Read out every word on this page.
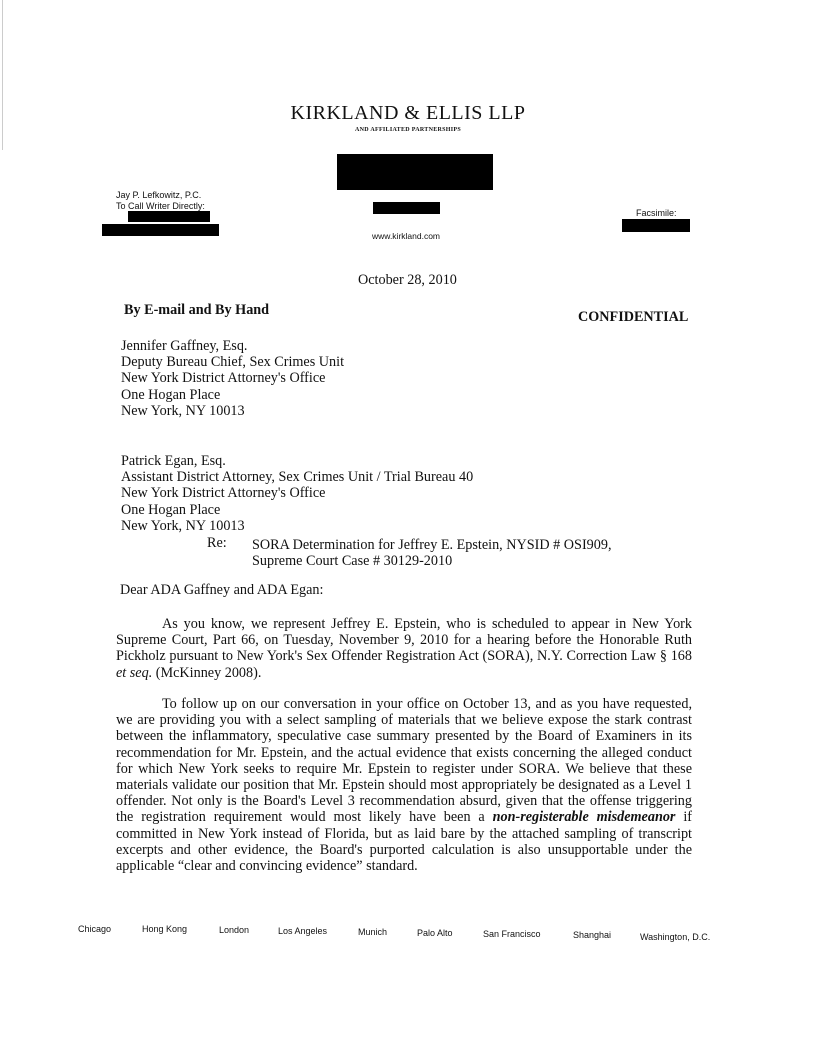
KIRKLAND & ELLIS LLP
AND AFFILIATED PARTNERSHIPS
Jay P. Lefkowitz, P.C.
To Call Writer Directly:
www.kirkland.com
Facsimile:
October 28, 2010
By E-mail and By Hand	CONFIDENTIAL
Jennifer Gaffney, Esq.
Deputy Bureau Chief, Sex Crimes Unit
New York District Attorney's Office
One Hogan Place
New York, NY 10013
Patrick Egan, Esq.
Assistant District Attorney, Sex Crimes Unit / Trial Bureau 40
New York District Attorney's Office
One Hogan Place
New York, NY 10013
Re: SORA Determination for Jeffrey E. Epstein, NYSID # OSI909,
Supreme Court Case # 30129-2010
Dear ADA Gaffney and ADA Egan:
As you know, we represent Jeffrey E. Epstein, who is scheduled to appear in New York Supreme Court, Part 66, on Tuesday, November 9, 2010 for a hearing before the Honorable Ruth Pickholz pursuant to New York's Sex Offender Registration Act (SORA), N.Y. Correction Law § 168 et seq. (McKinney 2008).
To follow up on our conversation in your office on October 13, and as you have requested, we are providing you with a select sampling of materials that we believe expose the stark contrast between the inflammatory, speculative case summary presented by the Board of Examiners in its recommendation for Mr. Epstein, and the actual evidence that exists concerning the alleged conduct for which New York seeks to require Mr. Epstein to register under SORA. We believe that these materials validate our position that Mr. Epstein should most appropriately be designated as a Level 1 offender. Not only is the Board's Level 3 recommendation absurd, given that the offense triggering the registration requirement would most likely have been a non-registerable misdemeanor if committed in New York instead of Florida, but as laid bare by the attached sampling of transcript excerpts and other evidence, the Board's purported calculation is also unsupportable under the applicable “clear and convincing evidence” standard.
Chicago	Hong Kong	London	Los Angeles	Munich	Palo Alto	San Francisco	Shanghai	Washington, D.C.
